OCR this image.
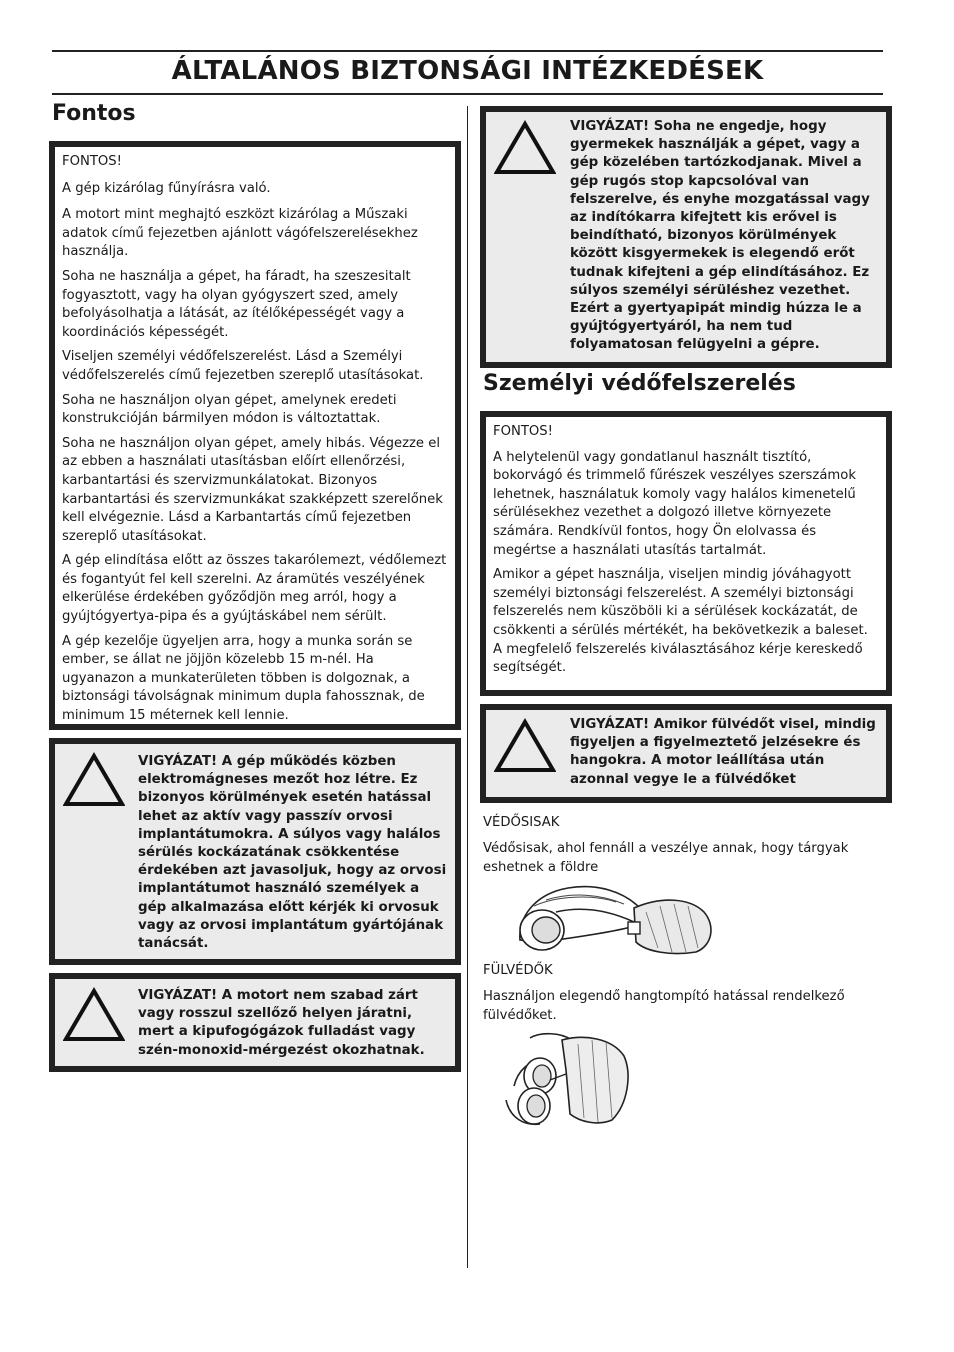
ÁLTALÁNOS BIZTONSÁGI INTÉZKEDÉSEK
Fontos

FONTOS!

A gép kizárólag fűnyírásra való.

A motort mint meghajtó eszközt kizárólag a Műszaki adatok című fejezetben ajánlott vágófelszerelésekhez használja.

Soha ne használja a gépet, ha fáradt, ha szeszesitalt fogyasztott, vagy ha olyan gyógyszert szed, amely befolyásolhatja a látását, az ítélőképességét vagy a koordinációs képességét.

Viseljen személyi védőfelszerelést. Lásd a Személyi védőfelszerelés című fejezetben szereplő utasításokat.

Soha ne használjon olyan gépet, amelynek eredeti konstrukcióján bármilyen módon is változtattak.

Soha ne használjon olyan gépet, amely hibás. Végezze el az ebben a használati utasításban előírt ellenőrzési, karbantartási és szervizmunkálatokat. Bizonyos karbantartási és szervizmunkákat szakképzett szerelőnek kell elvégeznie. Lásd a Karbantartás című fejezetben szereplő utasításokat.

A gép elindítása előtt az összes takarólemezt, védőlemezt és fogantyút fel kell szerelni. Az áramütés veszélyének elkerülése érdekében győződjön meg arról, hogy a gyújtógyertya-pipa és a gyújtáskábel nem sérült.

A gép kezelője ügyeljen arra, hogy a munka során se ember, se állat ne jöjjön közelebb 15 m-nél. Ha ugyanazon a munkaterületen többen is dolgoznak, a biztonsági távolságnak minimum dupla fahossznak, de minimum 15 méternek kell lennie.

VIGYÁZAT! A gép működés közben elektromágneses mezőt hoz létre. Ez bizonyos körülmények esetén hatással lehet az aktív vagy passzív orvosi implantátumokra. A súlyos vagy halálos sérülés kockázatának csökkentése érdekében azt javasoljuk, hogy az orvosi implantátumot használó személyek a gép alkalmazása előtt kérjék ki orvosuk vagy az orvosi implantátum gyártójának tanácsát.
VIGYÁZAT! A motort nem szabad zárt vagy rosszul szellőző helyen járatni, mert a kipufogógázok fulladást vagy szén-monoxid-mérgezést okozhatnak.
VIGYÁZAT! Soha ne engedje, hogy gyermekek használják a gépet, vagy a gép közelében tartózkodjanak. Mivel a gép rugós stop kapcsolóval van felszerelve, és enyhe mozgatással vagy az indítókarra kifejtett kis erővel is beindítható, bizonyos körülmények között kisgyermekek is elegendő erőt tudnak kifejteni a gép elindításához. Ez súlyos személyi sérüléshez vezethet. Ezért a gyertyapipát mindig húzza le a gyújtógyertyáról, ha nem tud folyamatosan felügyelni a gépre.
Személyi védőfelszerelés

FONTOS!

A helytelenül vagy gondatlanul használt tisztító, bokorvágó és trimmelő fűrészek veszélyes szerszámok lehetnek, használatuk komoly vagy halálos kimenetelű sérülésekhez vezethet a dolgozó illetve környezete számára. Rendkívül fontos, hogy Ön elolvassa és megértse a használati utasítás tartalmát.

Amikor a gépet használja, viseljen mindig jóváhagyott személyi biztonsági felszerelést. A személyi biztonsági felszerelés nem küszöböli ki a sérülések kockázatát, de csökkenti a sérülés mértékét, ha bekövetkezik a baleset. A megfelelő felszerelés kiválasztásához kérje kereskedő segítségét.

VIGYÁZAT! Amikor fülvédőt visel, mindig figyeljen a figyelmeztető jelzésekre és hangokra. A motor leállítása után azonnal vegye le a fülvédőket

VÉDŐSISAK

Védősisak, ahol fennáll a veszélye annak, hogy tárgyak eshetnek a földre

FÜLVÉDŐK

Használjon elegendő hangtompító hatással rendelkező fülvédőket.
